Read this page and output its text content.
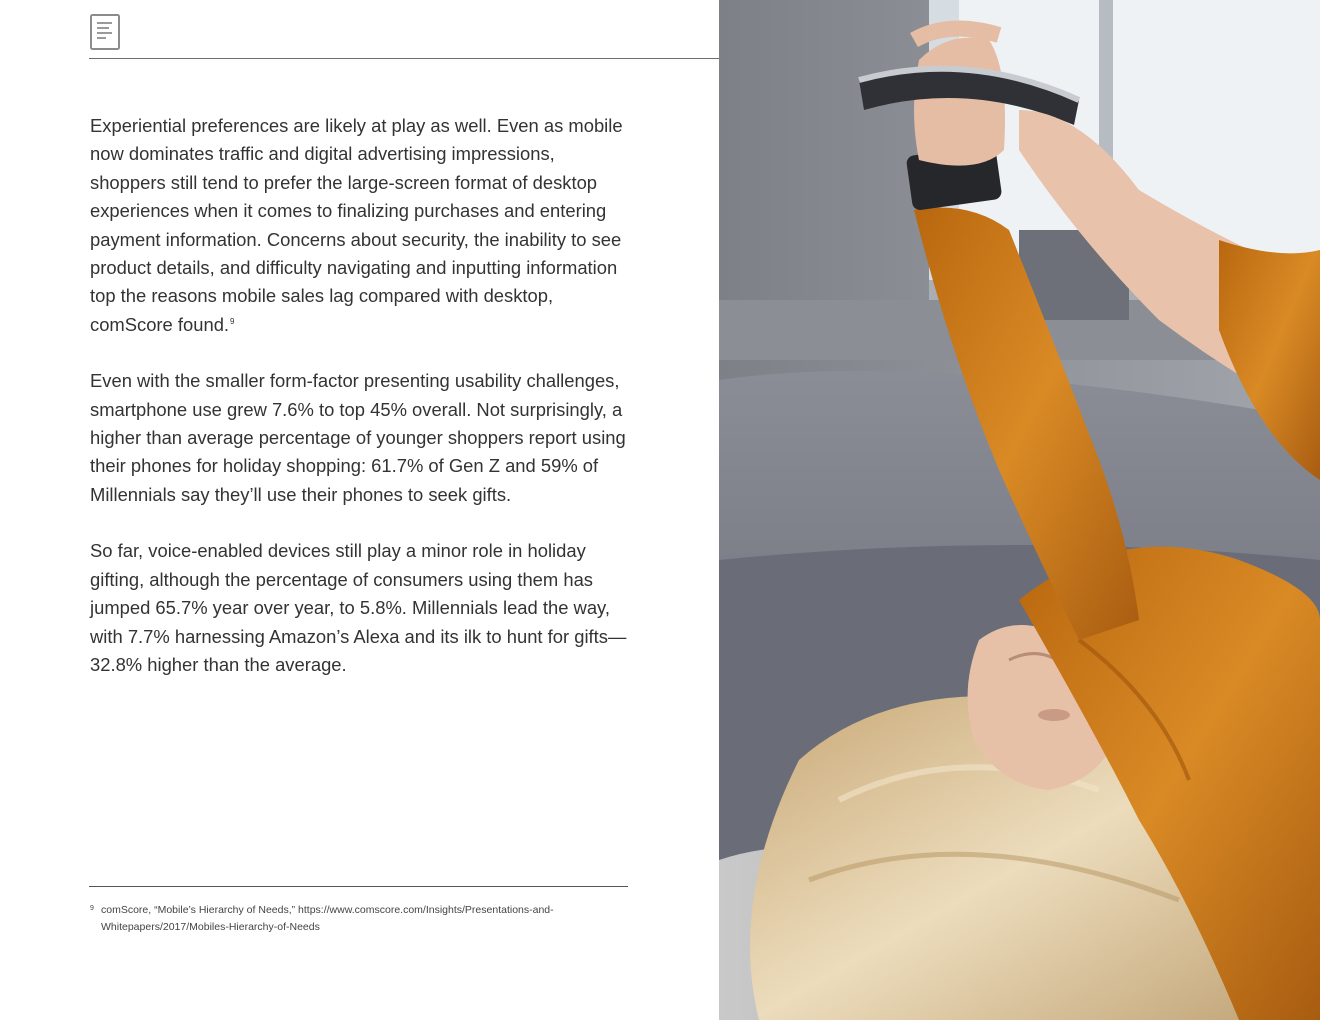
Experiential preferences are likely at play as well. Even as mobile now dominates traffic and digital advertising impressions, shoppers still tend to prefer the large-screen format of desktop experiences when it comes to finalizing purchases and entering payment information. Concerns about security, the inability to see product details, and difficulty navigating and inputting information top the reasons mobile sales lag compared with desktop, comScore found.$^9$

Even with the smaller form-factor presenting usability challenges, smartphone use grew 7.6% to top 45% overall. Not surprisingly, a higher than average percentage of younger shoppers report using their phones for holiday shopping: 61.7% of Gen Z and 59% of Millennials say they’ll use their phones to seek gifts.

So far, voice-enabled devices still play a minor role in holiday gifting, although the percentage of consumers using them has jumped 65.7% year over year, to 5.8%. Millennials lead the way, with 7.7% harnessing Amazon’s Alexa and its ilk to hunt for gifts—32.8% higher than the average.

9 comScore, “Mobile’s Hierarchy of Needs,” https://www.comscore.com/Insights/Presentations-and-Whitepapers/2017/Mobiles-Hierarchy-of-Needs
